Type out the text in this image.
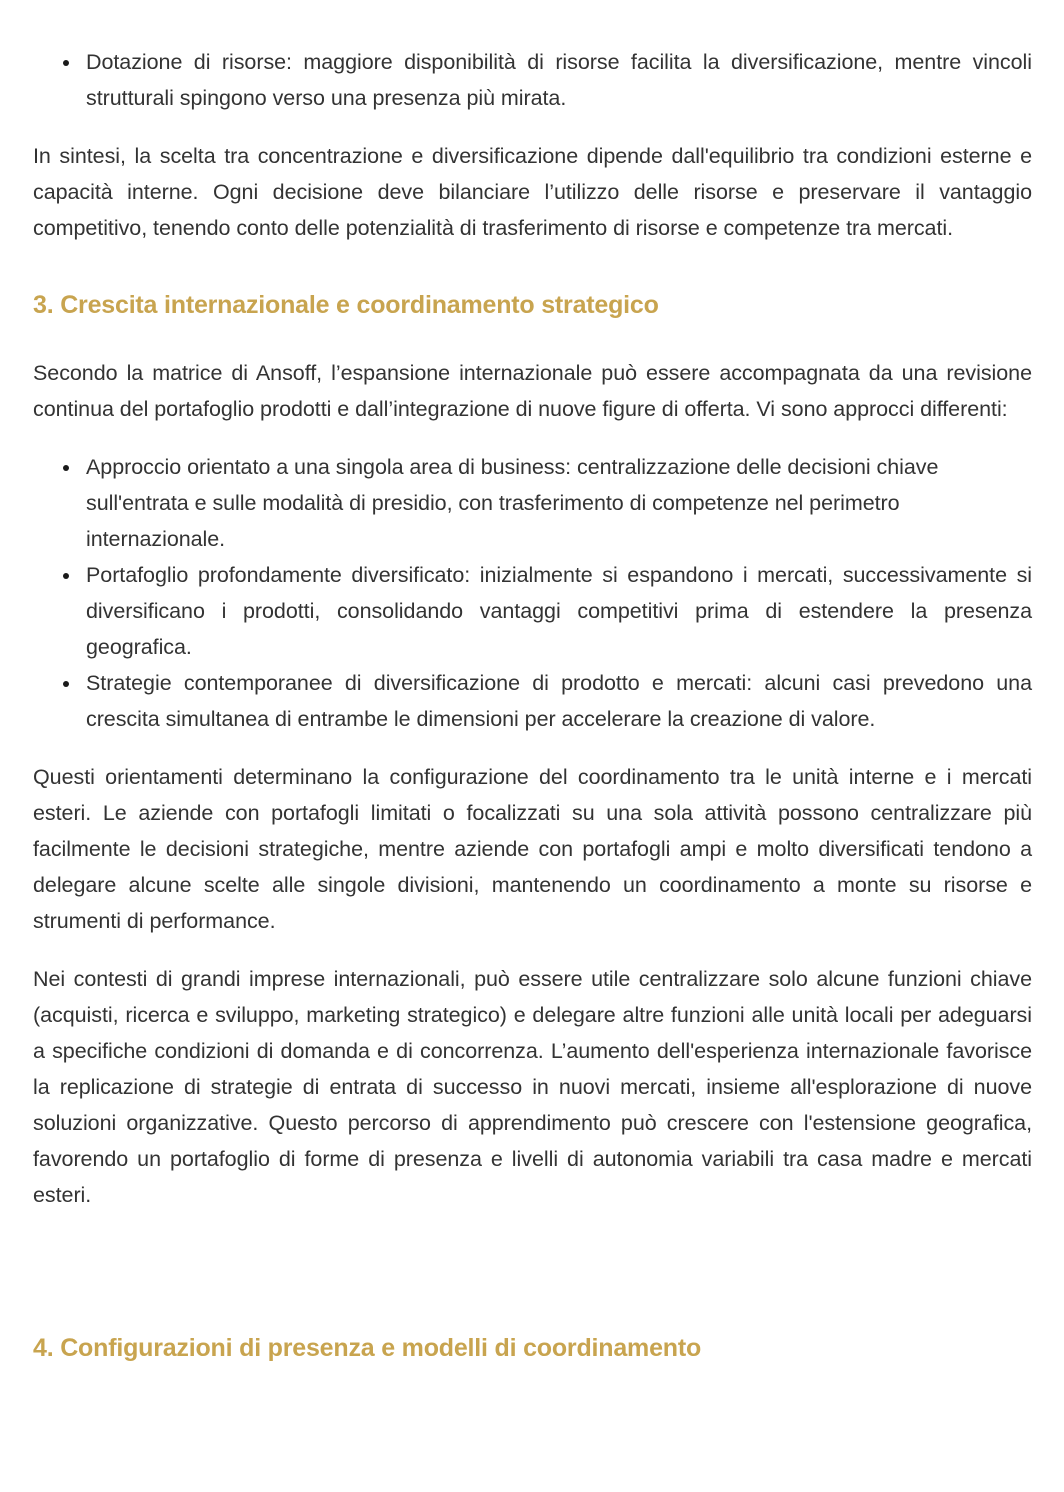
Dotazione di risorse: maggiore disponibilità di risorse facilita la diversificazione, mentre vincoli strutturali spingono verso una presenza più mirata.

In sintesi, la scelta tra concentrazione e diversificazione dipende dall'equilibrio tra condizioni esterne e capacità interne. Ogni decisione deve bilanciare l’utilizzo delle risorse e preservare il vantaggio competitivo, tenendo conto delle potenzialità di trasferimento di risorse e competenze tra mercati.

3. Crescita internazionale e coordinamento strategico

Secondo la matrice di Ansoff, l’espansione internazionale può essere accompagnata da una revisione continua del portafoglio prodotti e dall’integrazione di nuove figure di offerta. Vi sono approcci differenti:

Approccio orientato a una singola area di business: centralizzazione delle decisioni chiave sull'entrata e sulle modalità di presidio, con trasferimento di competenze nel perimetro internazionale.
Portafoglio profondamente diversificato: inizialmente si espandono i mercati, successivamente si diversificano i prodotti, consolidando vantaggi competitivi prima di estendere la presenza geografica.
Strategie contemporanee di diversificazione di prodotto e mercati: alcuni casi prevedono una crescita simultanea di entrambe le dimensioni per accelerare la creazione di valore.

Questi orientamenti determinano la configurazione del coordinamento tra le unità interne e i mercati esteri. Le aziende con portafogli limitati o focalizzati su una sola attività possono centralizzare più facilmente le decisioni strategiche, mentre aziende con portafogli ampi e molto diversificati tendono a delegare alcune scelte alle singole divisioni, mantenendo un coordinamento a monte su risorse e strumenti di performance.

Nei contesti di grandi imprese internazionali, può essere utile centralizzare solo alcune funzioni chiave (acquisti, ricerca e sviluppo, marketing strategico) e delegare altre funzioni alle unità locali per adeguarsi a specifiche condizioni di domanda e di concorrenza. L’aumento dell'esperienza internazionale favorisce la replicazione di strategie di entrata di successo in nuovi mercati, insieme all'esplorazione di nuove soluzioni organizzative. Questo percorso di apprendimento può crescere con l'estensione geografica, favorendo un portafoglio di forme di presenza e livelli di autonomia variabili tra casa madre e mercati esteri.

4. Configurazioni di presenza e modelli di coordinamento
